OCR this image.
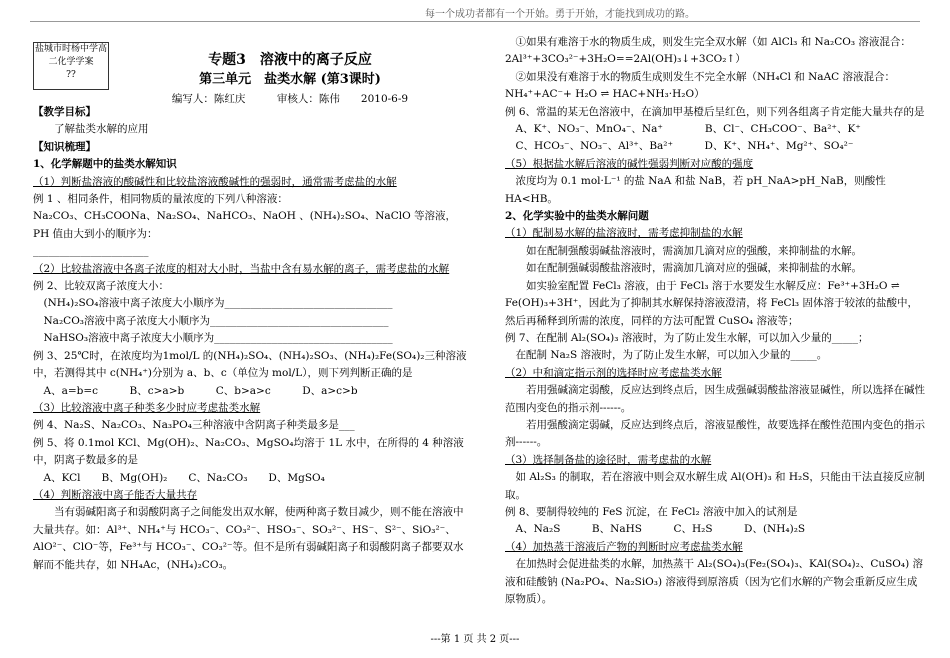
每一个成功者都有一个开始。勇于开始，才能找到成功的路。
盐城市时杨中学高二化学学案
??
专题3　溶液中的离子反应
第三单元　盐类水解 (第3课时)
编写人：陈红庆　　　审核人：陈伟　　2010-6-9

【教学目标】

　　了解盐类水解的应用

【知识梳理】

1、化学解题中的盐类水解知识

（1）判断盐溶液的酸碱性和比较盐溶液酸碱性的强弱时，通常需考虑盐的水解

例 1 、相同条件，相同物质的量浓度的下列八种溶液：

Na₂CO₃、CH₃COONa、Na₂SO₄、NaHCO₃、NaOH 、(NH₄)₂SO₄、NaClO 等溶液，PH 值由大到小的顺序为：

______________________

（2）比较盐溶液中各离子浓度的相对大小时，当盐中含有易水解的离子，需考虑盐的水解

例 2、比较双离子浓度大小：

　(NH₄)₂SO₄溶液中离子浓度大小顺序为________________________________

　Na₂CO₃溶液中离子浓度大小顺序为__________________________________

　NaHSO₃溶液中离子浓度大小顺序为__________________________________

例 3、25℃时，在浓度均为1mol/L 的(NH₄)₂SO₄、(NH₄)₂SO₃、(NH₄)₂Fe(SO₄)₂三种溶液中，若测得其中 c(NH₄⁺)分别为 a、b、c（单位为 mol/L），则下列判断正确的是

　A、a=b=c　　　B、c>a>b　　　C、b>a>c　　　D、a>c>b

（3）比较溶液中离子种类多少时应考虑盐类水解

例 4、Na₂S、Na₂CO₃、Na₃PO₄三种溶液中含阴离子种类最多是___

例 5、将 0.1mol KCl、Mg(OH)₂、Na₂CO₃、MgSO₄均溶于 1L 水中，在所得的 4 种溶液中，阴离子数最多的是

　A、KCl　　B、Mg(OH)₂　　C、Na₂CO₃　　D、MgSO₄

（4）判断溶液中离子能否大量共存

　　当有弱碱阳离子和弱酸阴离子之间能发出双水解，使两种离子数目减少，则不能在溶液中大量共存。如：Al³⁺、NH₄⁺与 HCO₃⁻、CO₃²⁻、HSO₃⁻、SO₃²⁻、HS⁻、S²⁻、SiO₃²⁻、AlO²⁻、ClO⁻等，Fe³⁺与 HCO₃⁻、CO₃²⁻等。但不是所有弱碱阳离子和弱酸阴离子都要双水解而不能共存，如 NH₄Ac，(NH₄)₂CO₃。

　①如果有难溶于水的物质生成，则发生完全双水解（如 AlCl₃ 和 Na₂CO₃ 溶液混合：2Al³⁺+3CO₃²⁻+3H₂O==2Al(OH)₃↓+3CO₂↑）

　②如果没有难溶于水的物质生成则发生不完全水解（NH₄Cl 和 NaAC 溶液混合：NH₄⁺+AC⁻+ H₂O ⇌ HAC+NH₃·H₂O）

例 6、常温的某无色溶液中，在滴加甲基橙后呈红色，则下列各组离子肯定能大量共存的是

　A、K⁺、NO₃⁻、MnO₄⁻、Na⁺　　　　B、Cl⁻、CH₃COO⁻、Ba²⁺、K⁺

　C、HCO₃⁻、NO₃⁻、Al³⁺、Ba²⁺　　　D、K⁺、NH₄⁺、Mg²⁺、SO₄²⁻

（5）根据盐水解后溶液的碱性强弱判断对应酸的强度

　浓度均为 0.1 mol·L⁻¹ 的盐 NaA 和盐 NaB，若 pH_NaA>pH_NaB，则酸性 HA<HB。

2、化学实验中的盐类水解问题

（1）配制易水解的盐溶液时，需考虑抑制盐的水解

　　如在配制强酸弱碱盐溶液时，需滴加几滴对应的强酸，来抑制盐的水解。

　　如在配制强碱弱酸盐溶液时，需滴加几滴对应的强碱，来抑制盐的水解。

　　如实验室配置 FeCl₃ 溶液，由于 FeCl₃ 溶于水要发生水解反应：Fe³⁺+3H₂O ⇌ Fe(OH)₃+3H⁺，因此为了抑制其水解保持溶液澄清，将 FeCl₃ 固体溶于较浓的盐酸中，然后再稀释到所需的浓度，同样的方法可配置 CuSO₄ 溶液等；

例 7、在配制 Al₂(SO₄)₃ 溶液时，为了防止发生水解，可以加入少量的_____；

　在配制 Na₂S 溶液时，为了防止发生水解，可以加入少量的_____。

（2）中和滴定指示剂的选择时应考虑盐类水解

　　若用强碱滴定弱酸，反应达到终点后，因生成强碱弱酸盐溶液显碱性，所以选择在碱性范围内变色的指示剂------。

　　若用强酸滴定弱碱，反应达到终点后，溶液显酸性，故要选择在酸性范围内变色的指示剂------。

（3）选择制备盐的途径时，需考虑盐的水解

　如 Al₂S₃ 的制取，若在溶液中则会双水解生成 Al(OH)₃ 和 H₂S，只能由干法直接反应制取。

例 8、要制得较纯的 FeS 沉淀，在 FeCl₂ 溶液中加入的试剂是

　A、Na₂S　　　B、NaHS　　　C、H₂S　　　D、(NH₄)₂S

（4）加热蒸干溶液后产物的判断时应考虑盐类水解

　在加热时会促进盐类的水解，加热蒸干 Al₂(SO₄)₃(Fe₂(SO₄)₃、KAl(SO₄)₂、CuSO₄) 溶液和硅酸钠 (Na₂PO₄、Na₂SiO₃) 溶液得到原溶质（因为它们水解的产物会重新反应生成原物质）。

---第 1 页 共 2 页---
